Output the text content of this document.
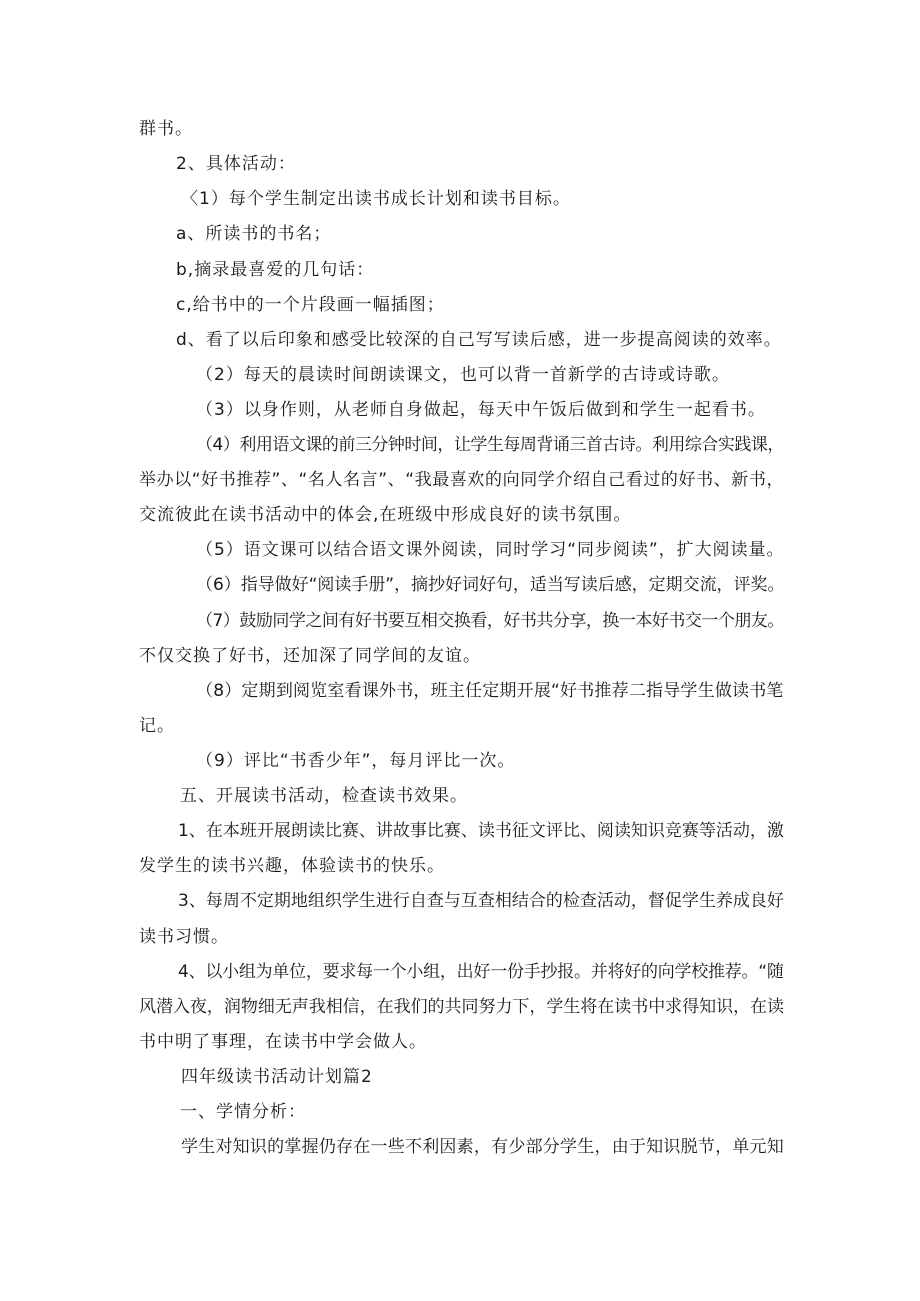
群书。
2、具体活动：
〈1）每个学生制定出读书成长计划和读书目标。
a、所读书的书名；
b,摘录最喜爱的几句话：
c,给书中的一个片段画一幅插图；
d、看了以后印象和感受比较深的自己写写读后感，进一步提高阅读的效率。
（2）每天的晨读时间朗读课文，也可以背一首新学的古诗或诗歌。
（3）以身作则，从老师自身做起，每天中午饭后做到和学生一起看书。
（4）利用语文课的前三分钟时间，让学生每周背诵三首古诗。利用综合实践课，
举办以“好书推荐”、“名人名言”、“我最喜欢的向同学介绍自己看过的好书、新书，
交流彼此在读书活动中的体会,在班级中形成良好的读书氛围。
（5）语文课可以结合语文课外阅读，同时学习“同步阅读”，扩大阅读量。
（6）指导做好“阅读手册”，摘抄好词好句，适当写读后感，定期交流，评奖。
（7）鼓励同学之间有好书要互相交换看，好书共分享，换一本好书交一个朋友。
不仅交换了好书，还加深了同学间的友谊。
（8）定期到阅览室看课外书，班主任定期开展“好书推荐二指导学生做读书笔
记。
（9）评比“书香少年”，每月评比一次。
五、开展读书活动，检查读书效果。
1、在本班开展朗读比赛、讲故事比赛、读书征文评比、阅读知识竞赛等活动，激
发学生的读书兴趣，体验读书的快乐。
3、每周不定期地组织学生进行自查与互查相结合的检查活动，督促学生养成良好
读书习惯。
4、以小组为单位，要求每一个小组，出好一份手抄报。并将好的向学校推荐。“随
风潜入夜，润物细无声我相信，在我们的共同努力下，学生将在读书中求得知识，在读
书中明了事理，在读书中学会做人。
四年级读书活动计划篇2
一、学情分析：
学生对知识的掌握仍存在一些不利因素，有少部分学生，由于知识脱节，单元知
